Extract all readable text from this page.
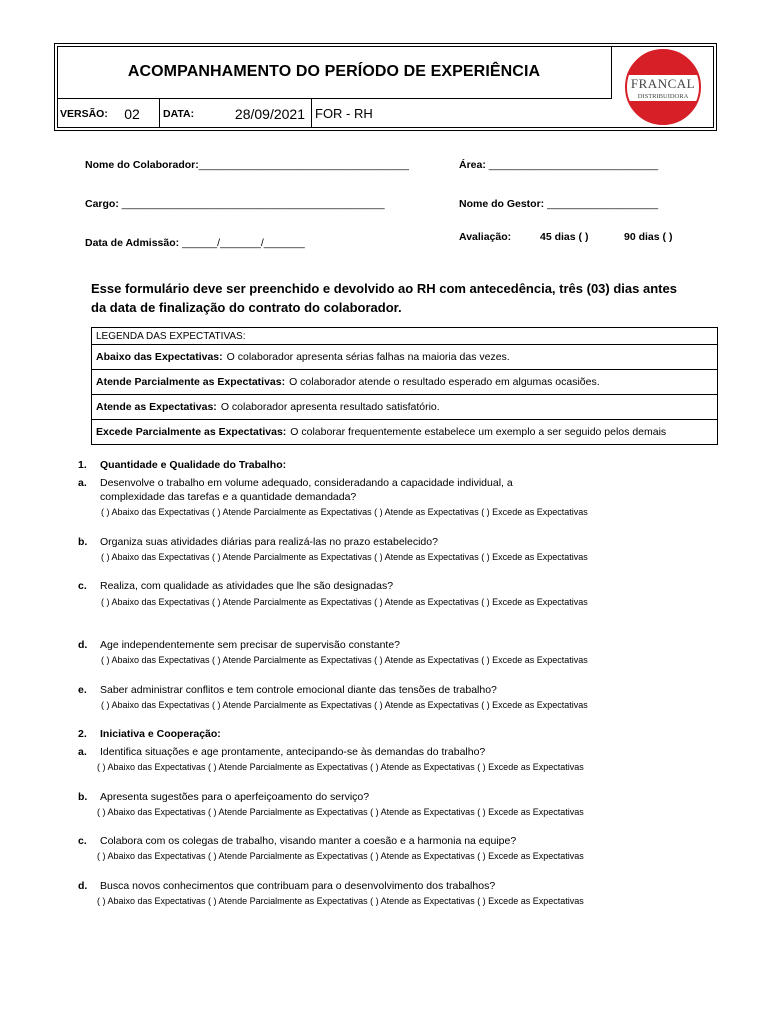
ACOMPANHAMENTO DO PERÍODO DE EXPERIÊNCIA
FRANCAL
DISTRIBUIDORA
VERSÃO:	02	DATA:	28/09/2021 FOR - RH
Nome do Colaborador:____________________________________	Área: _____________________________
Cargo: _____________________________________________	Nome do Gestor: ___________________
Data de Admissão: ______/_______/_______	Avaliação:	45 dias ( )	90 dias ( )
Esse formulário deve ser preenchido e devolvido ao RH com antecedência, três (03) dias antes
da data de finalização do contrato do colaborador.
LEGENDA DAS EXPECTATIVAS:
Abaixo das Expectativas: O colaborador apresenta sérias falhas na maioria das vezes.
Atende Parcialmente as Expectativas: O colaborador atende o resultado esperado em algumas ocasiões.
Atende as Expectativas: O colaborador apresenta resultado satisfatório.
Excede Parcialmente as Expectativas: O colaborar frequentemente estabelece um exemplo a ser seguido pelos demais
1. Quantidade e Qualidade do Trabalho:
a. Desenvolve o trabalho em volume adequado, consideradando a capacidade individual, a
complexidade das tarefas e a quantidade demandada?
( ) Abaixo das Expectativas ( ) Atende Parcialmente as Expectativas ( ) Atende as Expectativas ( ) Excede as Expectativas
b. Organiza suas atividades diárias para realizá-las no prazo estabelecido?
( ) Abaixo das Expectativas ( ) Atende Parcialmente as Expectativas ( ) Atende as Expectativas ( ) Excede as Expectativas
c. Realiza, com qualidade as atividades que lhe são designadas?
( ) Abaixo das Expectativas ( ) Atende Parcialmente as Expectativas ( ) Atende as Expectativas ( ) Excede as Expectativas
d. Age independentemente sem precisar de supervisão constante?
( ) Abaixo das Expectativas ( ) Atende Parcialmente as Expectativas ( ) Atende as Expectativas ( ) Excede as Expectativas
e. Saber administrar conflitos e tem controle emocional diante das tensões de trabalho?
( ) Abaixo das Expectativas ( ) Atende Parcialmente as Expectativas ( ) Atende as Expectativas ( ) Excede as Expectativas
2. Iniciativa e Cooperação:
a. Identifica situações e age prontamente, antecipando-se às demandas do trabalho?
( ) Abaixo das Expectativas ( ) Atende Parcialmente as Expectativas ( ) Atende as Expectativas ( ) Excede as Expectativas
b. Apresenta sugestões para o aperfeiçoamento do serviço?
( ) Abaixo das Expectativas ( ) Atende Parcialmente as Expectativas ( ) Atende as Expectativas ( ) Excede as Expectativas
c. Colabora com os colegas de trabalho, visando manter a coesão e a harmonia na equipe?
( ) Abaixo das Expectativas ( ) Atende Parcialmente as Expectativas ( ) Atende as Expectativas ( ) Excede as Expectativas
d. Busca novos conhecimentos que contribuam para o desenvolvimento dos trabalhos?
( ) Abaixo das Expectativas ( ) Atende Parcialmente as Expectativas ( ) Atende as Expectativas ( ) Excede as Expectativas
